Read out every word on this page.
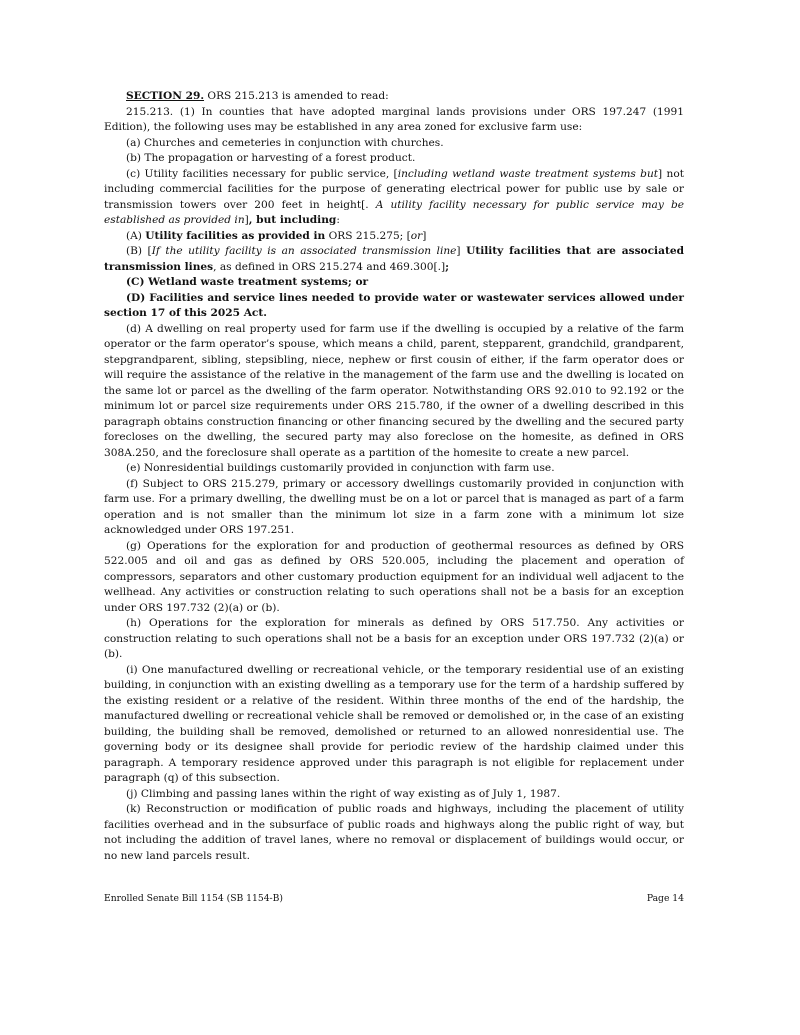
SECTION 29. ORS 215.213 is amended to read:

215.213. (1) In counties that have adopted marginal lands provisions under ORS 197.247 (1991 Edition), the following uses may be established in any area zoned for exclusive farm use:

(a) Churches and cemeteries in conjunction with churches.

(b) The propagation or harvesting of a forest product.

(c) Utility facilities necessary for public service, [including wetland waste treatment systems but] not including commercial facilities for the purpose of generating electrical power for public use by sale or transmission towers over 200 feet in height[. A utility facility necessary for public service may be established as provided in], but including:

(A) Utility facilities as provided in ORS 215.275; [or]

(B) [If the utility facility is an associated transmission line] Utility facilities that are associated transmission lines, as defined in ORS 215.274 and 469.300[.];

(C) Wetland waste treatment systems; or

(D) Facilities and service lines needed to provide water or wastewater services allowed under section 17 of this 2025 Act.

(d) A dwelling on real property used for farm use if the dwelling is occupied by a relative of the farm operator or the farm operator’s spouse, which means a child, parent, stepparent, grandchild, grandparent, stepgrandparent, sibling, stepsibling, niece, nephew or first cousin of either, if the farm operator does or will require the assistance of the relative in the management of the farm use and the dwelling is located on the same lot or parcel as the dwelling of the farm operator. Notwithstanding ORS 92.010 to 92.192 or the minimum lot or parcel size requirements under ORS 215.780, if the owner of a dwelling described in this paragraph obtains construction financing or other financing secured by the dwelling and the secured party forecloses on the dwelling, the secured party may also foreclose on the homesite, as defined in ORS 308A.250, and the foreclosure shall operate as a partition of the homesite to create a new parcel.

(e) Nonresidential buildings customarily provided in conjunction with farm use.

(f) Subject to ORS 215.279, primary or accessory dwellings customarily provided in conjunction with farm use. For a primary dwelling, the dwelling must be on a lot or parcel that is managed as part of a farm operation and is not smaller than the minimum lot size in a farm zone with a minimum lot size acknowledged under ORS 197.251.

(g) Operations for the exploration for and production of geothermal resources as defined by ORS 522.005 and oil and gas as defined by ORS 520.005, including the placement and operation of compressors, separators and other customary production equipment for an individual well adjacent to the wellhead. Any activities or construction relating to such operations shall not be a basis for an exception under ORS 197.732 (2)(a) or (b).

(h) Operations for the exploration for minerals as defined by ORS 517.750. Any activities or construction relating to such operations shall not be a basis for an exception under ORS 197.732 (2)(a) or (b).

(i) One manufactured dwelling or recreational vehicle, or the temporary residential use of an existing building, in conjunction with an existing dwelling as a temporary use for the term of a hardship suffered by the existing resident or a relative of the resident. Within three months of the end of the hardship, the manufactured dwelling or recreational vehicle shall be removed or demolished or, in the case of an existing building, the building shall be removed, demolished or returned to an allowed nonresidential use. The governing body or its designee shall provide for periodic review of the hardship claimed under this paragraph. A temporary residence approved under this paragraph is not eligible for replacement under paragraph (q) of this subsection.

(j) Climbing and passing lanes within the right of way existing as of July 1, 1987.

(k) Reconstruction or modification of public roads and highways, including the placement of utility facilities overhead and in the subsurface of public roads and highways along the public right of way, but not including the addition of travel lanes, where no removal or displacement of buildings would occur, or no new land parcels result.

Enrolled Senate Bill 1154 (SB 1154-B)	Page 14
